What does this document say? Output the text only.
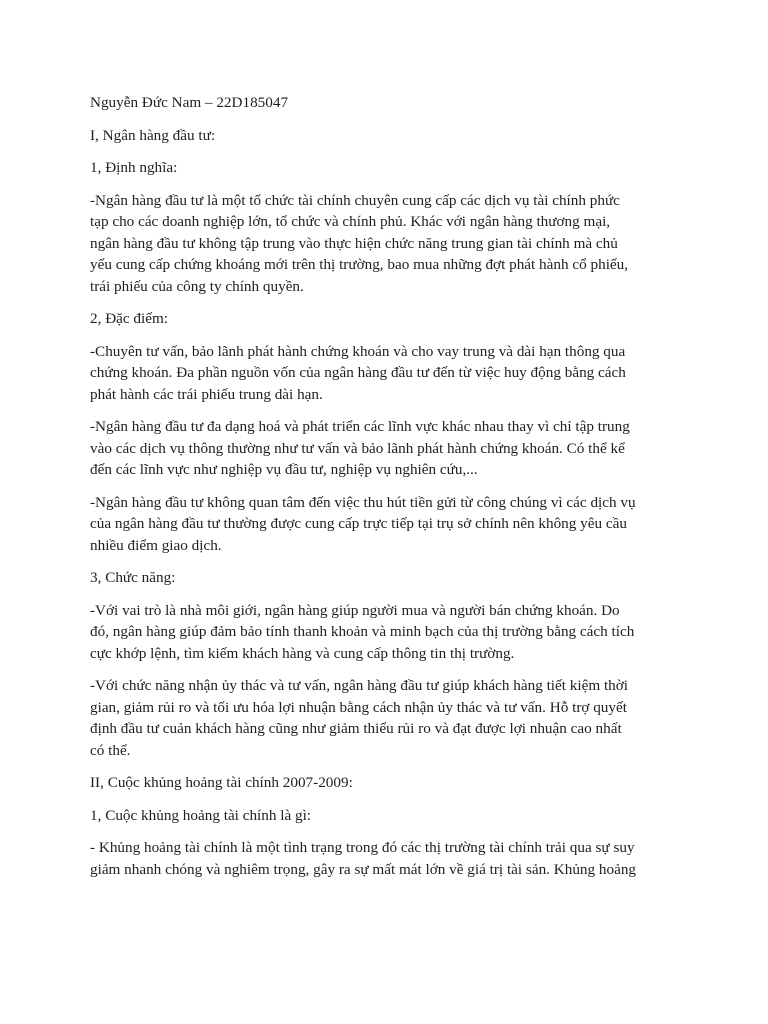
Nguyễn Đức Nam – 22D185047

I, Ngân hàng đầu tư:

1, Định nghĩa:

-Ngân hàng đầu tư là một tổ chức tài chính chuyên cung cấp các dịch vụ tài chính phức
tạp cho các doanh nghiệp lớn, tổ chức và chính phủ. Khác với ngân hàng thương mại,
ngân hàng đầu tư không tập trung vào thực hiện chức năng trung gian tài chính mà chủ
yếu cung cấp chứng khoáng mới trên thị trường, bao mua những đợt phát hành cổ phiếu,
trái phiếu của công ty chính quyền.

2, Đặc điểm:

-Chuyên tư vấn, bảo lãnh phát hành chứng khoán và cho vay trung và dài hạn thông qua
chứng khoán. Đa phần nguồn vốn của ngân hàng đầu tư đến từ việc huy động bằng cách
phát hành các trái phiếu trung dài hạn.

-Ngân hàng đầu tư đa dạng hoá và phát triển các lĩnh vực khác nhau thay vì chỉ tập trung
vào các dịch vụ thông thường như tư vấn và bảo lãnh phát hành chứng khoán. Có thể kể
đến các lĩnh vực như nghiệp vụ đầu tư, nghiệp vụ nghiên cứu,...

-Ngân hàng đầu tư không quan tâm đến việc thu hút tiền gửi từ công chúng vì các dịch vụ
của ngân hàng đầu tư thường được cung cấp trực tiếp tại trụ sở chính nên không yêu cầu
nhiều điểm giao dịch.

3, Chức năng:

-Với vai trò là nhà môi giới, ngân hàng giúp người mua và người bán chứng khoán. Do
đó, ngân hàng giúp đảm bảo tính thanh khoản và minh bạch của thị trường bằng cách tích
cực khớp lệnh, tìm kiếm khách hàng và cung cấp thông tin thị trường.

-Với chức năng nhận ủy thác và tư vấn, ngân hàng đầu tư giúp khách hàng tiết kiệm thời
gian, giảm rủi ro và tối ưu hóa lợi nhuận bằng cách nhận ủy thác và tư vấn. Hỗ trợ quyết
định đầu tư cuản khách hàng cũng như giảm thiểu rủi ro và đạt được lợi nhuận cao nhất
có thể.

II, Cuộc khủng hoảng tài chính 2007-2009:

1, Cuộc khủng hoảng tài chính là gì:

- Khủng hoảng tài chính là một tình trạng trong đó các thị trường tài chính trải qua sự suy
giảm nhanh chóng và nghiêm trọng, gây ra sự mất mát lớn về giá trị tài sản. Khủng hoảng
